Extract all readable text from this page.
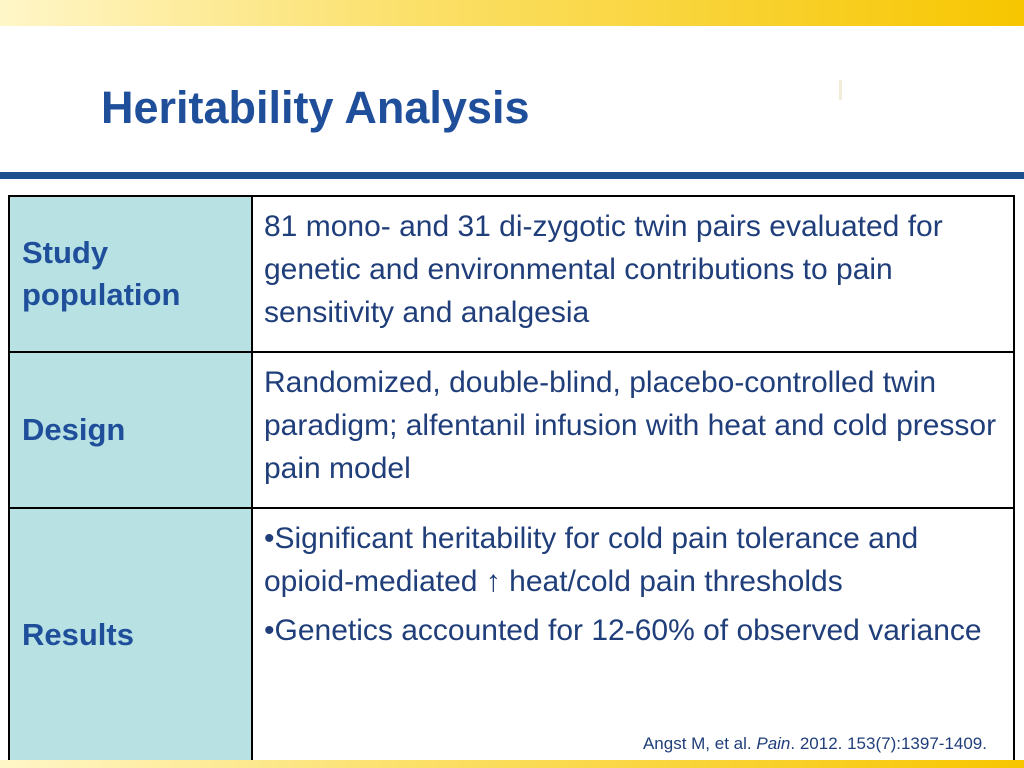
Heritability Analysis
Study population	81 mono- and 31 di-zygotic twin pairs evaluated for genetic and environmental contributions to pain sensitivity and analgesia

Design	Randomized, double-blind, placebo-controlled twin paradigm; alfentanil infusion with heat and cold pressor pain model

Results	•Significant heritability for cold pain tolerance and opioid-mediated ↑ heat/cold pain thresholds

•Genetics accounted for 12-60% of observed variance

Angst M, et al. Pain. 2012. 153(7):1397-1409.
